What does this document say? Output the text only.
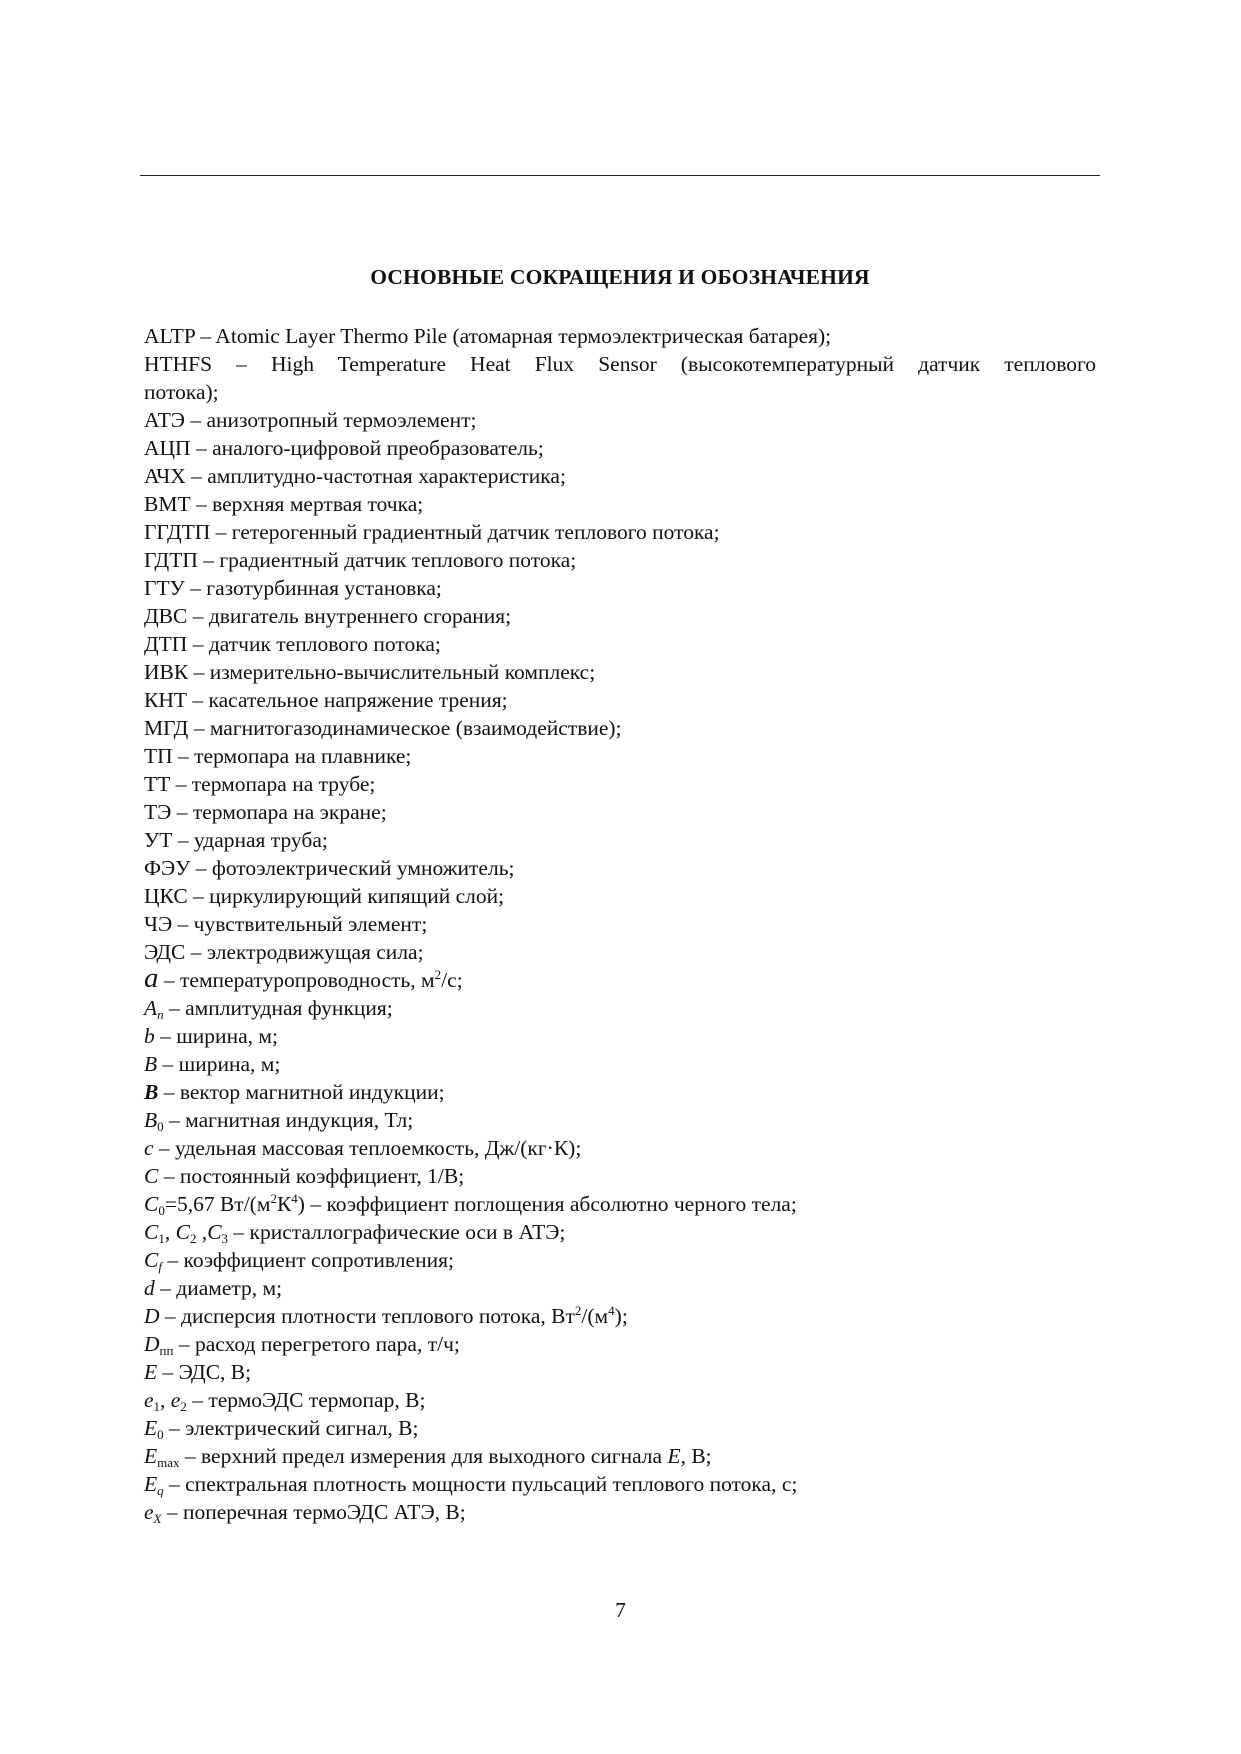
ОСНОВНЫЕ СОКРАЩЕНИЯ И ОБОЗНАЧЕНИЯ
ALTP – Atomic Layer Thermo Pile (атомарная термоэлектрическая батарея);
HTHFS – High Temperature Heat Flux Sensor (высокотемпературный датчик теплового
потока);
АТЭ – анизотропный термоэлемент;
АЦП – аналого-цифровой преобразователь;
АЧХ – амплитудно-частотная характеристика;
ВМТ – верхняя мертвая точка;
ГГДТП – гетерогенный градиентный датчик теплового потока;
ГДТП – градиентный датчик теплового потока;
ГТУ – газотурбинная установка;
ДВС – двигатель внутреннего сгорания;
ДТП – датчик теплового потока;
ИВК – измерительно-вычислительный комплекс;
КНТ – касательное напряжение трения;
МГД – магнитогазодинамическое (взаимодействие);
ТП – термопара на плавнике;
ТТ – термопара на трубе;
ТЭ – термопара на экране;
УТ – ударная труба;
ФЭУ – фотоэлектрический умножитель;
ЦКС – циркулирующий кипящий слой;
ЧЭ – чувствительный элемент;
ЭДС – электродвижущая сила;
a – температуропроводность, $м^2/с$;
$A_n$ – амплитудная функция;
b – ширина, м;
B – ширина, м;
B – вектор магнитной индукции;
$B_0$ – магнитная индукция, Тл;
c – удельная массовая теплоемкость, Дж/(кг·К);
C – постоянный коэффициент, 1/В;
$C_0=5,67$ $Вт/(м^2К^4)$ – коэффициент поглощения абсолютно черного тела;
$C_1$, $C_2$ $,C_3$ – кристаллографические оси в АТЭ;
$C_f$ – коэффициент сопротивления;
d – диаметр, м;
D – дисперсия плотности теплового потока, $Вт^2/(м^4)$;
$D_{пп}$ – расход перегретого пара, т/ч;
E – ЭДС, В;
$e_1$, $e_2$ – термоЭДС термопар, В;
$E_0$ – электрический сигнал, В;
$E_{max}$ – верхний предел измерения для выходного сигнала E, В;
$E_q$ – спектральная плотность мощности пульсаций теплового потока, с;
$e_X$ – поперечная термоЭДС АТЭ, В;
7
